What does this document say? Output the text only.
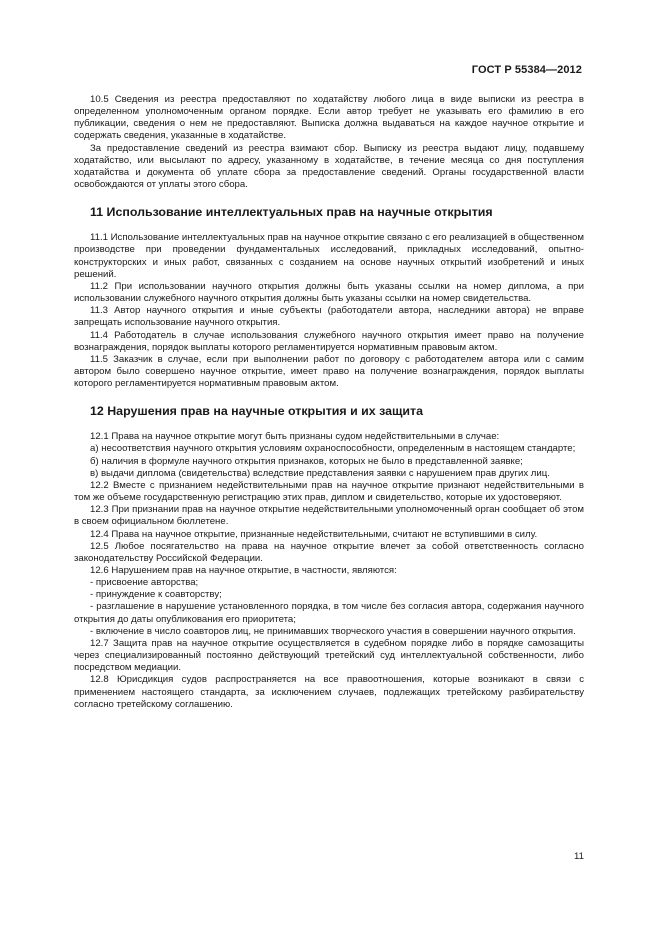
ГОСТ Р 55384—2012

10.5 Сведения из реестра предоставляют по ходатайству любого лица в виде выписки из реестра в определенном уполномоченным органом порядке. Если автор требует не указывать его фамилию в его публикации, сведения о нем не предоставляют. Выписка должна выдаваться на каждое научное открытие и содержать сведения, указанные в ходатайстве.

За предоставление сведений из реестра взимают сбор. Выписку из реестра выдают лицу, подавшему ходатайство, или высылают по адресу, указанному в ходатайстве, в течение месяца со дня поступления ходатайства и документа об уплате сбора за предоставление сведений. Органы государственной власти освобождаются от уплаты этого сбора.

11 Использование интеллектуальных прав на научные открытия

11.1 Использование интеллектуальных прав на научное открытие связано с его реализацией в общественном производстве при проведении фундаментальных исследований, прикладных исследований, опытно-конструкторских и иных работ, связанных с созданием на основе научных открытий изобретений и иных решений.

11.2 При использовании научного открытия должны быть указаны ссылки на номер диплома, а при использовании служебного научного открытия должны быть указаны ссылки на номер свидетельства.

11.3 Автор научного открытия и иные субъекты (работодатели автора, наследники автора) не вправе запрещать использование научного открытия.

11.4 Работодатель в случае использования служебного научного открытия имеет право на получение вознаграждения, порядок выплаты которого регламентируется нормативным правовым актом.

11.5 Заказчик в случае, если при выполнении работ по договору с работодателем автора или с самим автором было совершено научное открытие, имеет право на получение вознаграждения, порядок выплаты которого регламентируется нормативным правовым актом.

12 Нарушения прав на научные открытия и их защита

12.1 Права на научное открытие могут быть признаны судом недействительными в случае:

а) несоответствия научного открытия условиям охраноспособности, определенным в настоящем стандарте;

б) наличия в формуле научного открытия признаков, которых не было в представленной заявке;

в) выдачи диплома (свидетельства) вследствие представления заявки с нарушением прав других лиц.

12.2 Вместе с признанием недействительными прав на научное открытие признают недействительными в том же объеме государственную регистрацию этих прав, диплом и свидетельство, которые их удостоверяют.

12.3 При признании прав на научное открытие недействительными уполномоченный орган сообщает об этом в своем официальном бюллетене.

12.4 Права на научное открытие, признанные недействительными, считают не вступившими в силу.

12.5 Любое посягательство на права на научное открытие влечет за собой ответственность согласно законодательству Российской Федерации.

12.6 Нарушением прав на научное открытие, в частности, являются:

- присвоение авторства;

- принуждение к соавторству;

- разглашение в нарушение установленного порядка, в том числе без согласия автора, содержания научного открытия до даты опубликования его приоритета;

- включение в число соавторов лиц, не принимавших творческого участия в совершении научного открытия.

12.7 Защита прав на научное открытие осуществляется в судебном порядке либо в порядке самозащиты через специализированный постоянно действующий третейский суд интеллектуальной собственности, либо посредством медиации.

12.8 Юрисдикция судов распространяется на все правоотношения, которые возникают в связи с применением настоящего стандарта, за исключением случаев, подлежащих третейскому разбирательству согласно третейскому соглашению.

11
